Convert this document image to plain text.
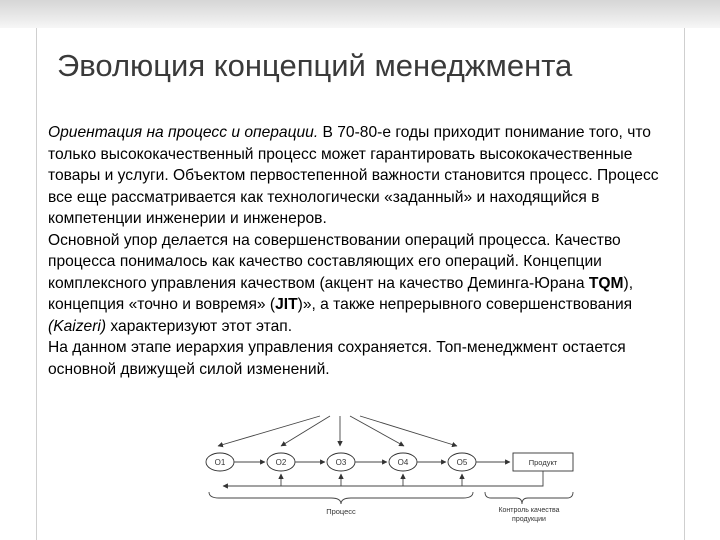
Эволюция концепций менеджмента

Ориентация на процесс и операции. В 70-80-е годы приходит понимание того, что только высококачественный процесс может гарантировать высококачественные товары и услуги. Объектом первостепенной важности становится процесс. Процесс все еще рассматривается как технологически «заданный» и находящийся в компетенции инженерии и инженеров.

Основной упор делается на совершенствовании операций процесса. Качество процесса понималось как качество составляющих его операций. Концепции комплексного управления качеством (акцент на качество Деминга-Юрана TQM), концепция «точно и вовремя» (JIT)», а также непрерывного совершенствования (Kaizeri) характеризуют этот этап.

На данном этапе иерархия управления сохраняется. Топ-менеджмент остается основной движущей силой изменений.

O1	O2	O3	O4	O5	Продукт
Процесс	Контроль качества
продукции
